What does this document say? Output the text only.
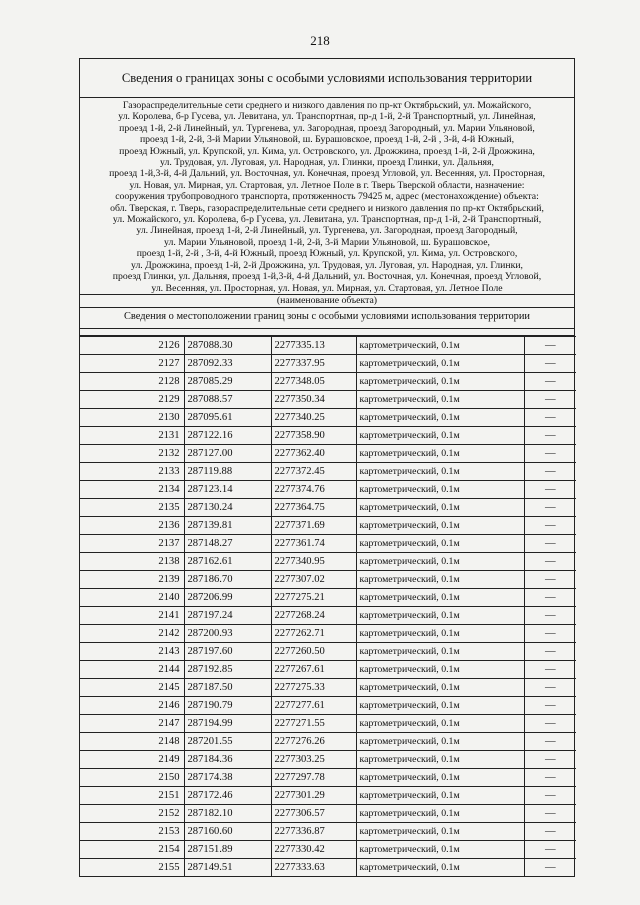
218
Сведения о границах зоны с особыми условиями использования территории
Газораспределительные сети среднего и низкого давления по пр-кт Октябрьский, ул. Можайского,
ул. Королева, б-р Гусева, ул. Левитана, ул. Транспортная, пр-д 1-й, 2-й Транспортный, ул. Линейная,
проезд 1-й, 2-й Линейный, ул. Тургенева, ул. Загородная, проезд Загородный, ул. Марии Ульяновой,
проезд 1-й, 2-й, 3-й Марии Ульяновой, ш. Бурашовское, проезд 1-й, 2-й , 3-й, 4-й Южный,
проезд Южный, ул. Крупской, ул. Кима, ул. Островского, ул. Дрожжина, проезд 1-й, 2-й Дрожжина,
ул. Трудовая, ул. Луговая, ул. Народная, ул. Глинки, проезд Глинки, ул. Дальняя,
проезд 1-й,3-й, 4-й Дальний, ул. Восточная, ул. Конечная, проезд Угловой, ул. Весенняя, ул. Просторная,
ул. Новая, ул. Мирная, ул. Стартовая, ул. Летное Поле в г. Тверь Тверской области, назначение:
сооружения трубопроводного транспорта, протяженность 79425 м, адрес (местонахождение) объекта:
обл. Тверская, г. Тверь, газораспределительные сети среднего и низкого давления по пр-кт Октябрьский,
ул. Можайского, ул. Королева, б-р Гусева, ул. Левитана, ул. Транспортная, пр-д 1-й, 2-й Транспортный,
ул. Линейная, проезд 1-й, 2-й Линейный, ул. Тургенева, ул. Загородная, проезд Загородный,
ул. Марии Ульяновой, проезд 1-й, 2-й, 3-й Марии Ульяновой, ш. Бурашовское,
проезд 1-й, 2-й , 3-й, 4-й Южный, проезд Южный, ул. Крупской, ул. Кима, ул. Островского,
ул. Дрожжина, проезд 1-й, 2-й Дрожжина, ул. Трудовая, ул. Луговая, ул. Народная, ул. Глинки,
проезд Глинки, ул. Дальняя, проезд 1-й,3-й, 4-й Дальний, ул. Восточная, ул. Конечная, проезд Угловой,
ул. Весенняя, ул. Просторная, ул. Новая, ул. Мирная, ул. Стартовая, ул. Летное Поле
(наименование объекта)
Сведения о местоположении границ зоны с особыми условиями использования территории
2126	287088.30	2277335.13	картометрический, 0.1м	—
2127	287092.33	2277337.95	картометрический, 0.1м	—
2128	287085.29	2277348.05	картометрический, 0.1м	—
2129	287088.57	2277350.34	картометрический, 0.1м	—
2130	287095.61	2277340.25	картометрический, 0.1м	—
2131	287122.16	2277358.90	картометрический, 0.1м	—
2132	287127.00	2277362.40	картометрический, 0.1м	—
2133	287119.88	2277372.45	картометрический, 0.1м	—
2134	287123.14	2277374.76	картометрический, 0.1м	—
2135	287130.24	2277364.75	картометрический, 0.1м	—
2136	287139.81	2277371.69	картометрический, 0.1м	—
2137	287148.27	2277361.74	картометрический, 0.1м	—
2138	287162.61	2277340.95	картометрический, 0.1м	—
2139	287186.70	2277307.02	картометрический, 0.1м	—
2140	287206.99	2277275.21	картометрический, 0.1м	—
2141	287197.24	2277268.24	картометрический, 0.1м	—
2142	287200.93	2277262.71	картометрический, 0.1м	—
2143	287197.60	2277260.50	картометрический, 0.1м	—
2144	287192.85	2277267.61	картометрический, 0.1м	—
2145	287187.50	2277275.33	картометрический, 0.1м	—
2146	287190.79	2277277.61	картометрический, 0.1м	—
2147	287194.99	2277271.55	картометрический, 0.1м	—
2148	287201.55	2277276.26	картометрический, 0.1м	—
2149	287184.36	2277303.25	картометрический, 0.1м	—
2150	287174.38	2277297.78	картометрический, 0.1м	—
2151	287172.46	2277301.29	картометрический, 0.1м	—
2152	287182.10	2277306.57	картометрический, 0.1м	—
2153	287160.60	2277336.87	картометрический, 0.1м	—
2154	287151.89	2277330.42	картометрический, 0.1м	—
2155	287149.51	2277333.63	картометрический, 0.1м	—
